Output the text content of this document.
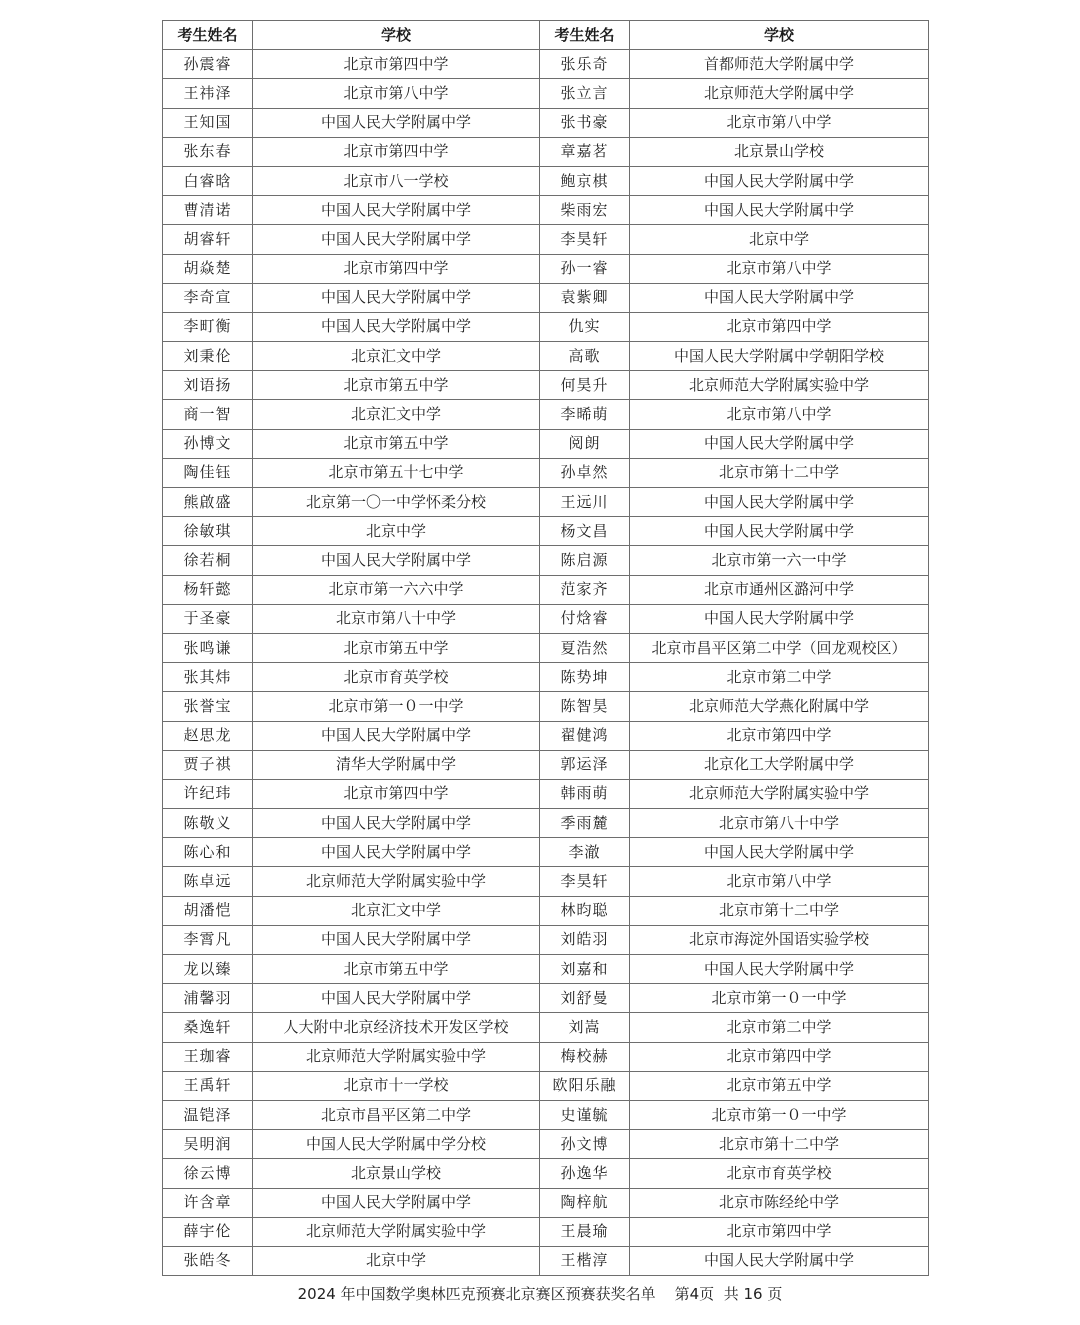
考生姓名	学校	考生姓名	学校
孙震睿	北京市第四中学	张乐奇	首都师范大学附属中学
王祎泽	北京市第八中学	张立言	北京师范大学附属中学
王知国	中国人民大学附属中学	张书豪	北京市第八中学
张东春	北京市第四中学	章嘉茗	北京景山学校
白睿晗	北京市八一学校	鲍京棋	中国人民大学附属中学
曹清诺	中国人民大学附属中学	柴雨宏	中国人民大学附属中学
胡睿轩	中国人民大学附属中学	李昊轩	北京中学
胡焱楚	北京市第四中学	孙一睿	北京市第八中学
李奇宣	中国人民大学附属中学	袁紫卿	中国人民大学附属中学
李町衡	中国人民大学附属中学	仇实	北京市第四中学
刘秉伦	北京汇文中学	高歌	中国人民大学附属中学朝阳学校
刘语扬	北京市第五中学	何昊升	北京师范大学附属实验中学
商一智	北京汇文中学	李晞萌	北京市第八中学
孙博文	北京市第五中学	阅朗	中国人民大学附属中学
陶佳钰	北京市第五十七中学	孙卓然	北京市第十二中学
熊啟盛	北京第一〇一中学怀柔分校	王远川	中国人民大学附属中学
徐敏琪	北京中学	杨文昌	中国人民大学附属中学
徐若桐	中国人民大学附属中学	陈启源	北京市第一六一中学
杨轩懿	北京市第一六六中学	范家齐	北京市通州区潞河中学
于圣豪	北京市第八十中学	付焓睿	中国人民大学附属中学
张鸣谦	北京市第五中学	夏浩然	北京市昌平区第二中学（回龙观校区）
张其炜	北京市育英学校	陈势坤	北京市第二中学
张誉宝	北京市第一０一中学	陈智昊	北京师范大学燕化附属中学
赵思龙	中国人民大学附属中学	翟健鸿	北京市第四中学
贾子祺	清华大学附属中学	郭运泽	北京化工大学附属中学
许纪玮	北京市第四中学	韩雨萌	北京师范大学附属实验中学
陈敬义	中国人民大学附属中学	季雨麓	北京市第八十中学
陈心和	中国人民大学附属中学	李澈	中国人民大学附属中学
陈卓远	北京师范大学附属实验中学	李昊轩	北京市第八中学
胡潘恺	北京汇文中学	林昀聪	北京市第十二中学
李霄凡	中国人民大学附属中学	刘皓羽	北京市海淀外国语实验学校
龙以臻	北京市第五中学	刘嘉和	中国人民大学附属中学
浦馨羽	中国人民大学附属中学	刘舒曼	北京市第一０一中学
桑逸轩	人大附中北京经济技术开发区学校	刘嵩	北京市第二中学
王珈睿	北京师范大学附属实验中学	梅校赫	北京市第四中学
王禹轩	北京市十一学校	欧阳乐融	北京市第五中学
温铠泽	北京市昌平区第二中学	史谨毓	北京市第一０一中学
吴明润	中国人民大学附属中学分校	孙文博	北京市第十二中学
徐云博	北京景山学校	孙逸华	北京市育英学校
许含章	中国人民大学附属中学	陶梓航	北京市陈经纶中学
薛宇伦	北京师范大学附属实验中学	王晨瑜	北京市第四中学
张皓冬	北京中学	王楷淳	中国人民大学附属中学
2024 年中国数学奥林匹克预赛北京赛区预赛获奖名单    第4页  共 16 页
